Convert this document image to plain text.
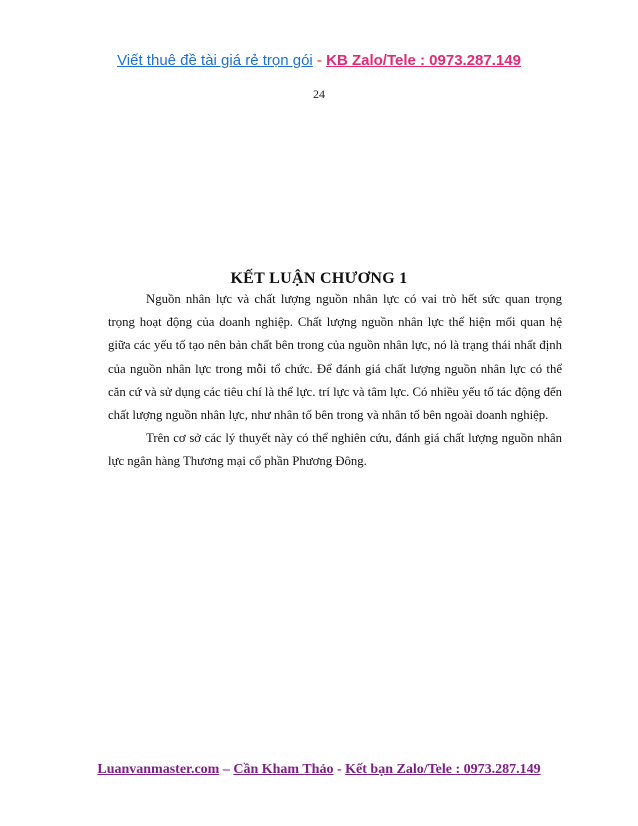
Viết thuê đề tài giá rẻ trọn gói - KB Zalo/Tele : 0973.287.149
24
KẾT LUẬN CHƯƠNG 1

Nguồn nhân lực và chất lượng nguồn nhân lực có vai trò hết sức quan trọng trọng hoạt động của doanh nghiệp. Chất lượng nguồn nhân lực thể hiện mối quan hệ giữa các yếu tố tạo nên bản chất bên trong của nguồn nhân lực, nó là trạng thái nhất định của nguồn nhân lực trong mỗi tổ chức. Để đánh giá chất lượng nguồn nhân lực có thể căn cứ và sử dụng các tiêu chí là thể lực. trí lực và tâm lực. Có nhiều yếu tố tác động đến chất lượng nguồn nhân lực, như nhân tố bên trong và nhân tố bên ngoài doanh nghiệp.

Trên cơ sở các lý thuyết này có thể nghiên cứu, đánh giá chất lượng nguồn nhân lực ngân hàng Thương mại cổ phần Phương Đông.

Luanvanmaster.com – Cần Kham Thảo - Kết bạn Zalo/Tele : 0973.287.149
